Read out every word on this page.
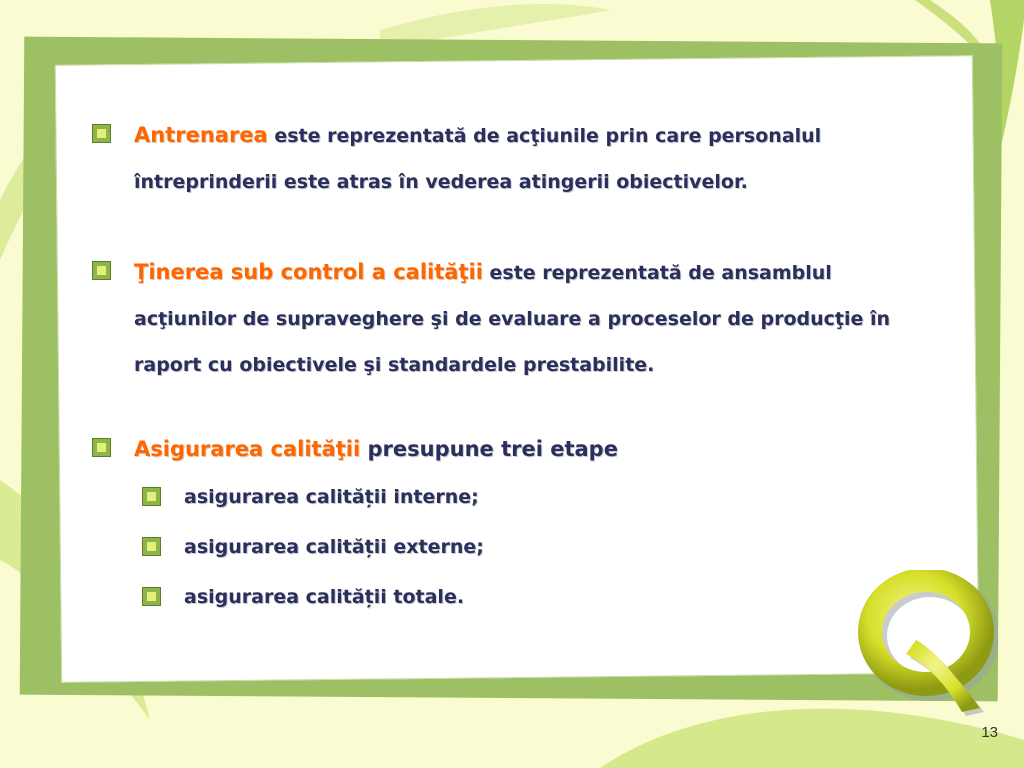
Antrenarea este reprezentată de acţiunile prin care personalul
întreprinderii este atras în vederea atingerii obiectivelor.
Ţinerea sub control a calităţii este reprezentată de ansamblul
acţiunilor de supraveghere şi de evaluare a proceselor de producţie în
raport cu obiectivele şi standardele prestabilite.
Asigurarea calităţii presupune trei etape
asigurarea calității interne;
asigurarea calității externe;
asigurarea calității totale.
13
